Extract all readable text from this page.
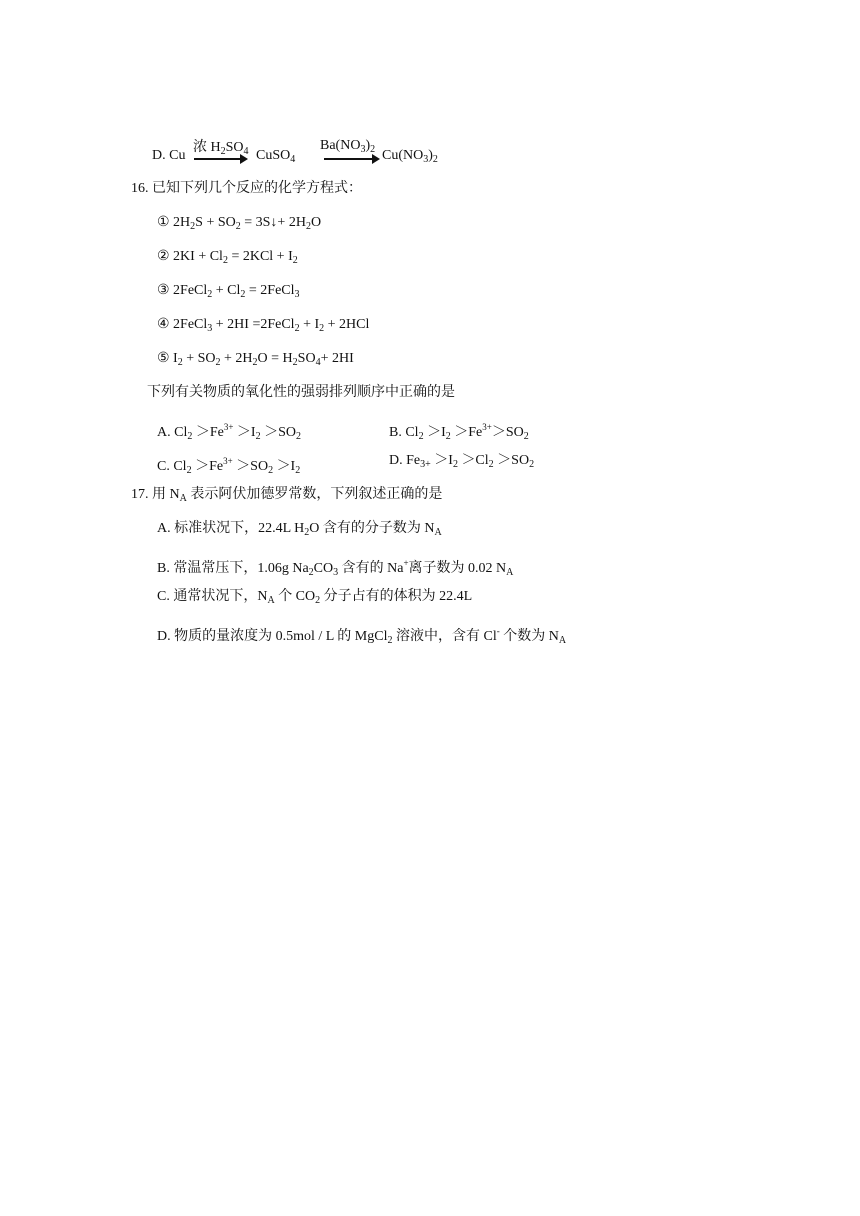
D. Cu
浓 $H_2SO_4$ → CuSO$_4$
$Ba(NO_3)_2 \to Cu(NO_3)_2$
16. 已知下列几个反应的化学方程式：
① $2H_2S + SO_2$ = 3S↓+ $2H_2O$
② $2KI + Cl_2 = 2KCl + I_2$
③ 2FeCl$_2$ + $Cl_2$ = 2FeCl$_3$
④ 2FeCl$_3$ + 2HI =2FeCl$_2$ + $I_2 + 2HCl$
⑤ $I_2 + SO_2 + 2H_2O = H_2SO_4+ 2HI$
下列有关物质的氧化性的强弱排列顺序中正确的是
A. $Cl_2 >Fe^{3+} >I_2 >SO_2$	B. $Cl_2 >I_2 >Fe^{3+}>SO_2$
C. $Cl_2 >Fe^{3+} >SO_2 >I_2$
D. $Fe_{3+} >I_2 >Cl_2 >SO_2$
17. 用 $N_A$ 表示阿伏加德罗常数，下列叙述正确的是
A. 标准状况下，22.4L $H_2O$ 含有的分子数为 $N_A$
B. 常温常压下，1.06g $Na_2CO_3$ 含有的 Na+离子数为 0.02 $N_A$
C. 通常状况下，$N_A$ 个 $CO_2$ 分子占有的体积为 22.4L
D. 物质的量浓度为 0.5mol / L 的 MgCl$_2$ 溶液中，含有 Cl- 个数为 $N_A$
